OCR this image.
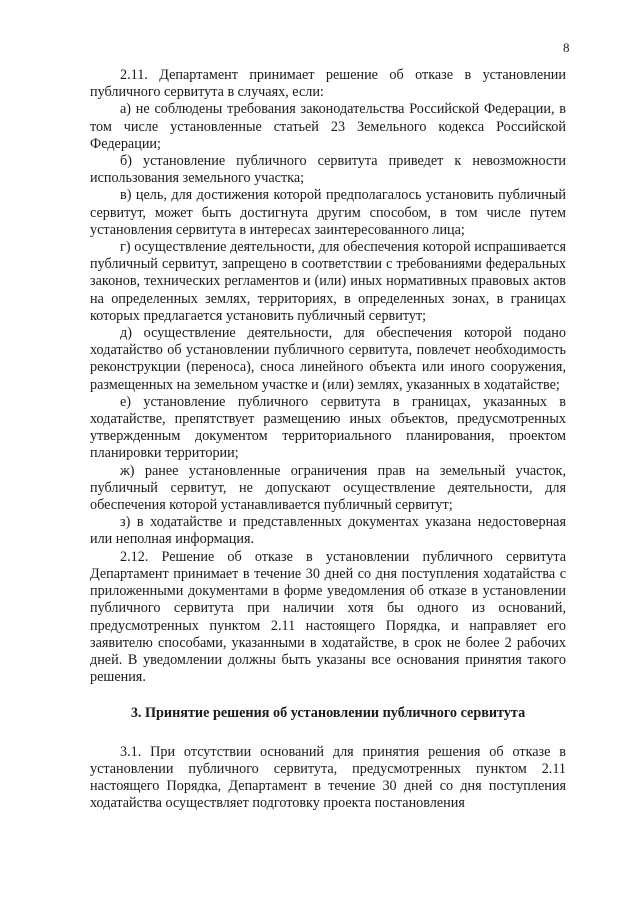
8

2.11. Департамент принимает решение об отказе в установлении публичного сервитута в случаях, если:

а) не соблюдены требования законодательства Российской Федерации, в том числе установленные статьей 23 Земельного кодекса Российской Федерации;

б) установление публичного сервитута приведет к невозможности использования земельного участка;

в) цель, для достижения которой предполагалось установить публичный сервитут, может быть достигнута другим способом, в том числе путем установления сервитута в интересах заинтересованного лица;

г) осуществление деятельности, для обеспечения которой испрашивается публичный сервитут, запрещено в соответствии с требованиями федеральных законов, технических регламентов и (или) иных нормативных правовых актов на определенных землях, территориях, в определенных зонах, в границах которых предлагается установить публичный сервитут;

д) осуществление деятельности, для обеспечения которой подано ходатайство об установлении публичного сервитута, повлечет необходимость реконструкции (переноса), сноса линейного объекта или иного сооружения, размещенных на земельном участке и (или) землях, указанных в ходатайстве;

е) установление публичного сервитута в границах, указанных в ходатайстве, препятствует размещению иных объектов, предусмотренных утвержденным документом территориального планирования, проектом планировки территории;

ж) ранее установленные ограничения прав на земельный участок, публичный сервитут, не допускают осуществление деятельности, для обеспечения которой устанавливается публичный сервитут;

з) в ходатайстве и представленных документах указана недостоверная или неполная информация.

2.12. Решение об отказе в установлении публичного сервитута Департамент принимает в течение 30 дней со дня поступления ходатайства с приложенными документами в форме уведомления об отказе в установлении публичного сервитута при наличии хотя бы одного из оснований, предусмотренных пунктом 2.11 настоящего Порядка, и направляет его заявителю способами, указанными в ходатайстве, в срок не более 2 рабочих дней. В уведомлении должны быть указаны все основания принятия такого решения.

3. Принятие решения об установлении публичного сервитута

3.1. При отсутствии оснований для принятия решения об отказе в установлении публичного сервитута, предусмотренных пунктом 2.11 настоящего Порядка, Департамент в течение 30 дней со дня поступления ходатайства осуществляет подготовку проекта постановления
